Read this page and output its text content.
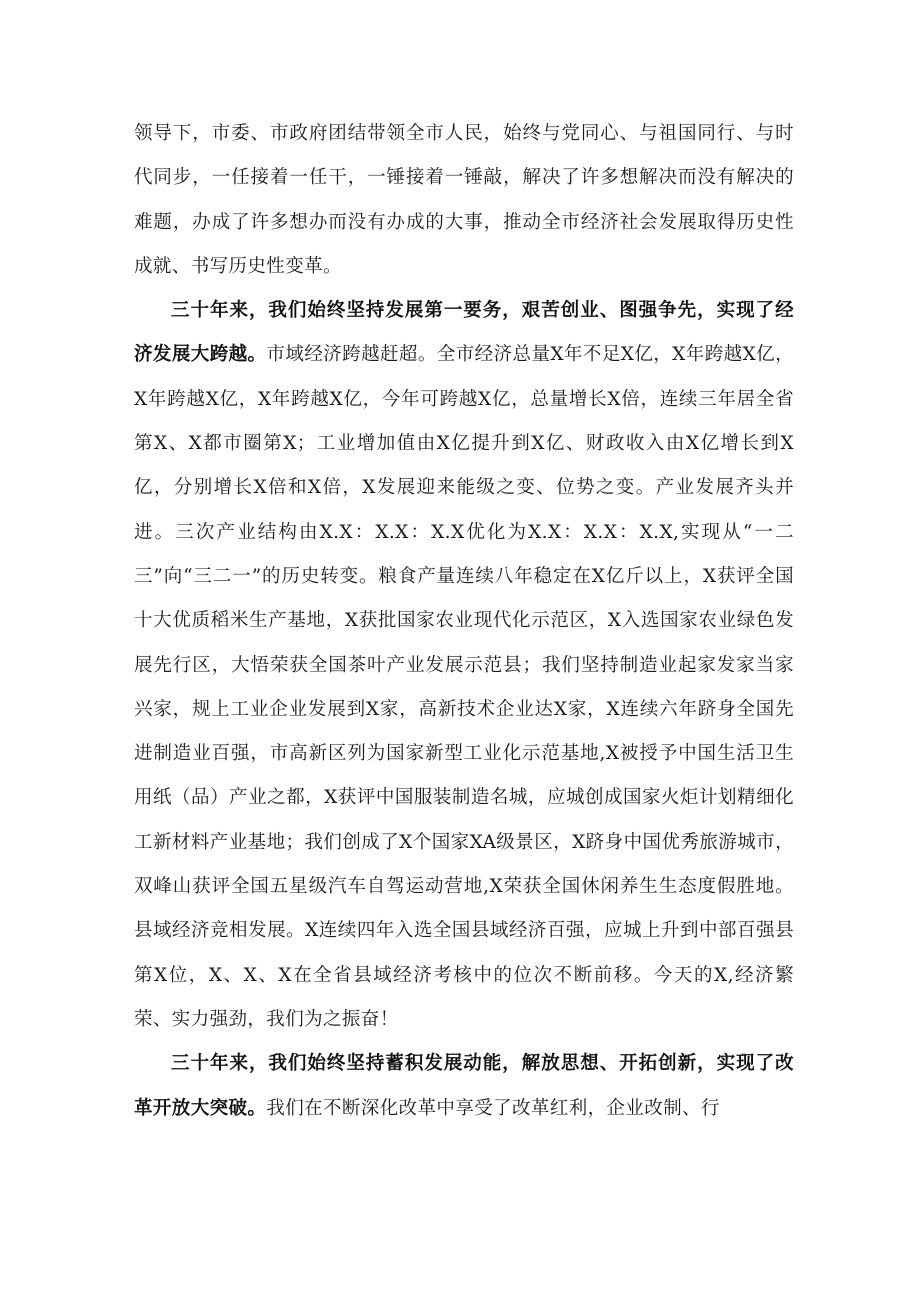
领导下，市委、市政府团结带领全市人民，始终与党同心、与祖国同行、与时代同步，一任接着一任干，一锤接着一锤敲，解决了许多想解决而没有解决的难题，办成了许多想办而没有办成的大事，推动全市经济社会发展取得历史性成就、书写历史性变革。

三十年来，我们始终坚持发展第一要务，艰苦创业、图强争先，实现了经济发展大跨越。市域经济跨越赶超。全市经济总量X年不足X亿，X年跨越X亿，X年跨越X亿，X年跨越X亿，今年可跨越X亿，总量增长X倍，连续三年居全省第X、X都市圈第X；工业增加值由X亿提升到X亿、财政收入由X亿增长到X亿，分别增长X倍和X倍，X发展迎来能级之变、位势之变。产业发展齐头并进。三次产业结构由X.X：X.X：X.X优化为X.X：X.X：X.X,实现从“一二三”向“三二一”的历史转变。粮食产量连续八年稳定在X亿斤以上，X获评全国十大优质稻米生产基地，X获批国家农业现代化示范区，X入选国家农业绿色发展先行区，大悟荣获全国茶叶产业发展示范县；我们坚持制造业起家发家当家兴家，规上工业企业发展到X家，高新技术企业达X家，X连续六年跻身全国先进制造业百强，市高新区列为国家新型工业化示范基地,X被授予中国生活卫生用纸（品）产业之都，X获评中国服装制造名城，应城创成国家火炬计划精细化工新材料产业基地；我们创成了X个国家XA级景区，X跻身中国优秀旅游城市，双峰山获评全国五星级汽车自驾运动营地,X荣获全国休闲养生生态度假胜地。县域经济竞相发展。X连续四年入选全国县域经济百强，应城上升到中部百强县第X位，X、X、X在全省县域经济考核中的位次不断前移。今天的X,经济繁荣、实力强劲，我们为之振奋！

三十年来，我们始终坚持蓄积发展动能，解放思想、开拓创新，实现了改革开放大突破。我们在不断深化改革中享受了改革红利，企业改制、行
